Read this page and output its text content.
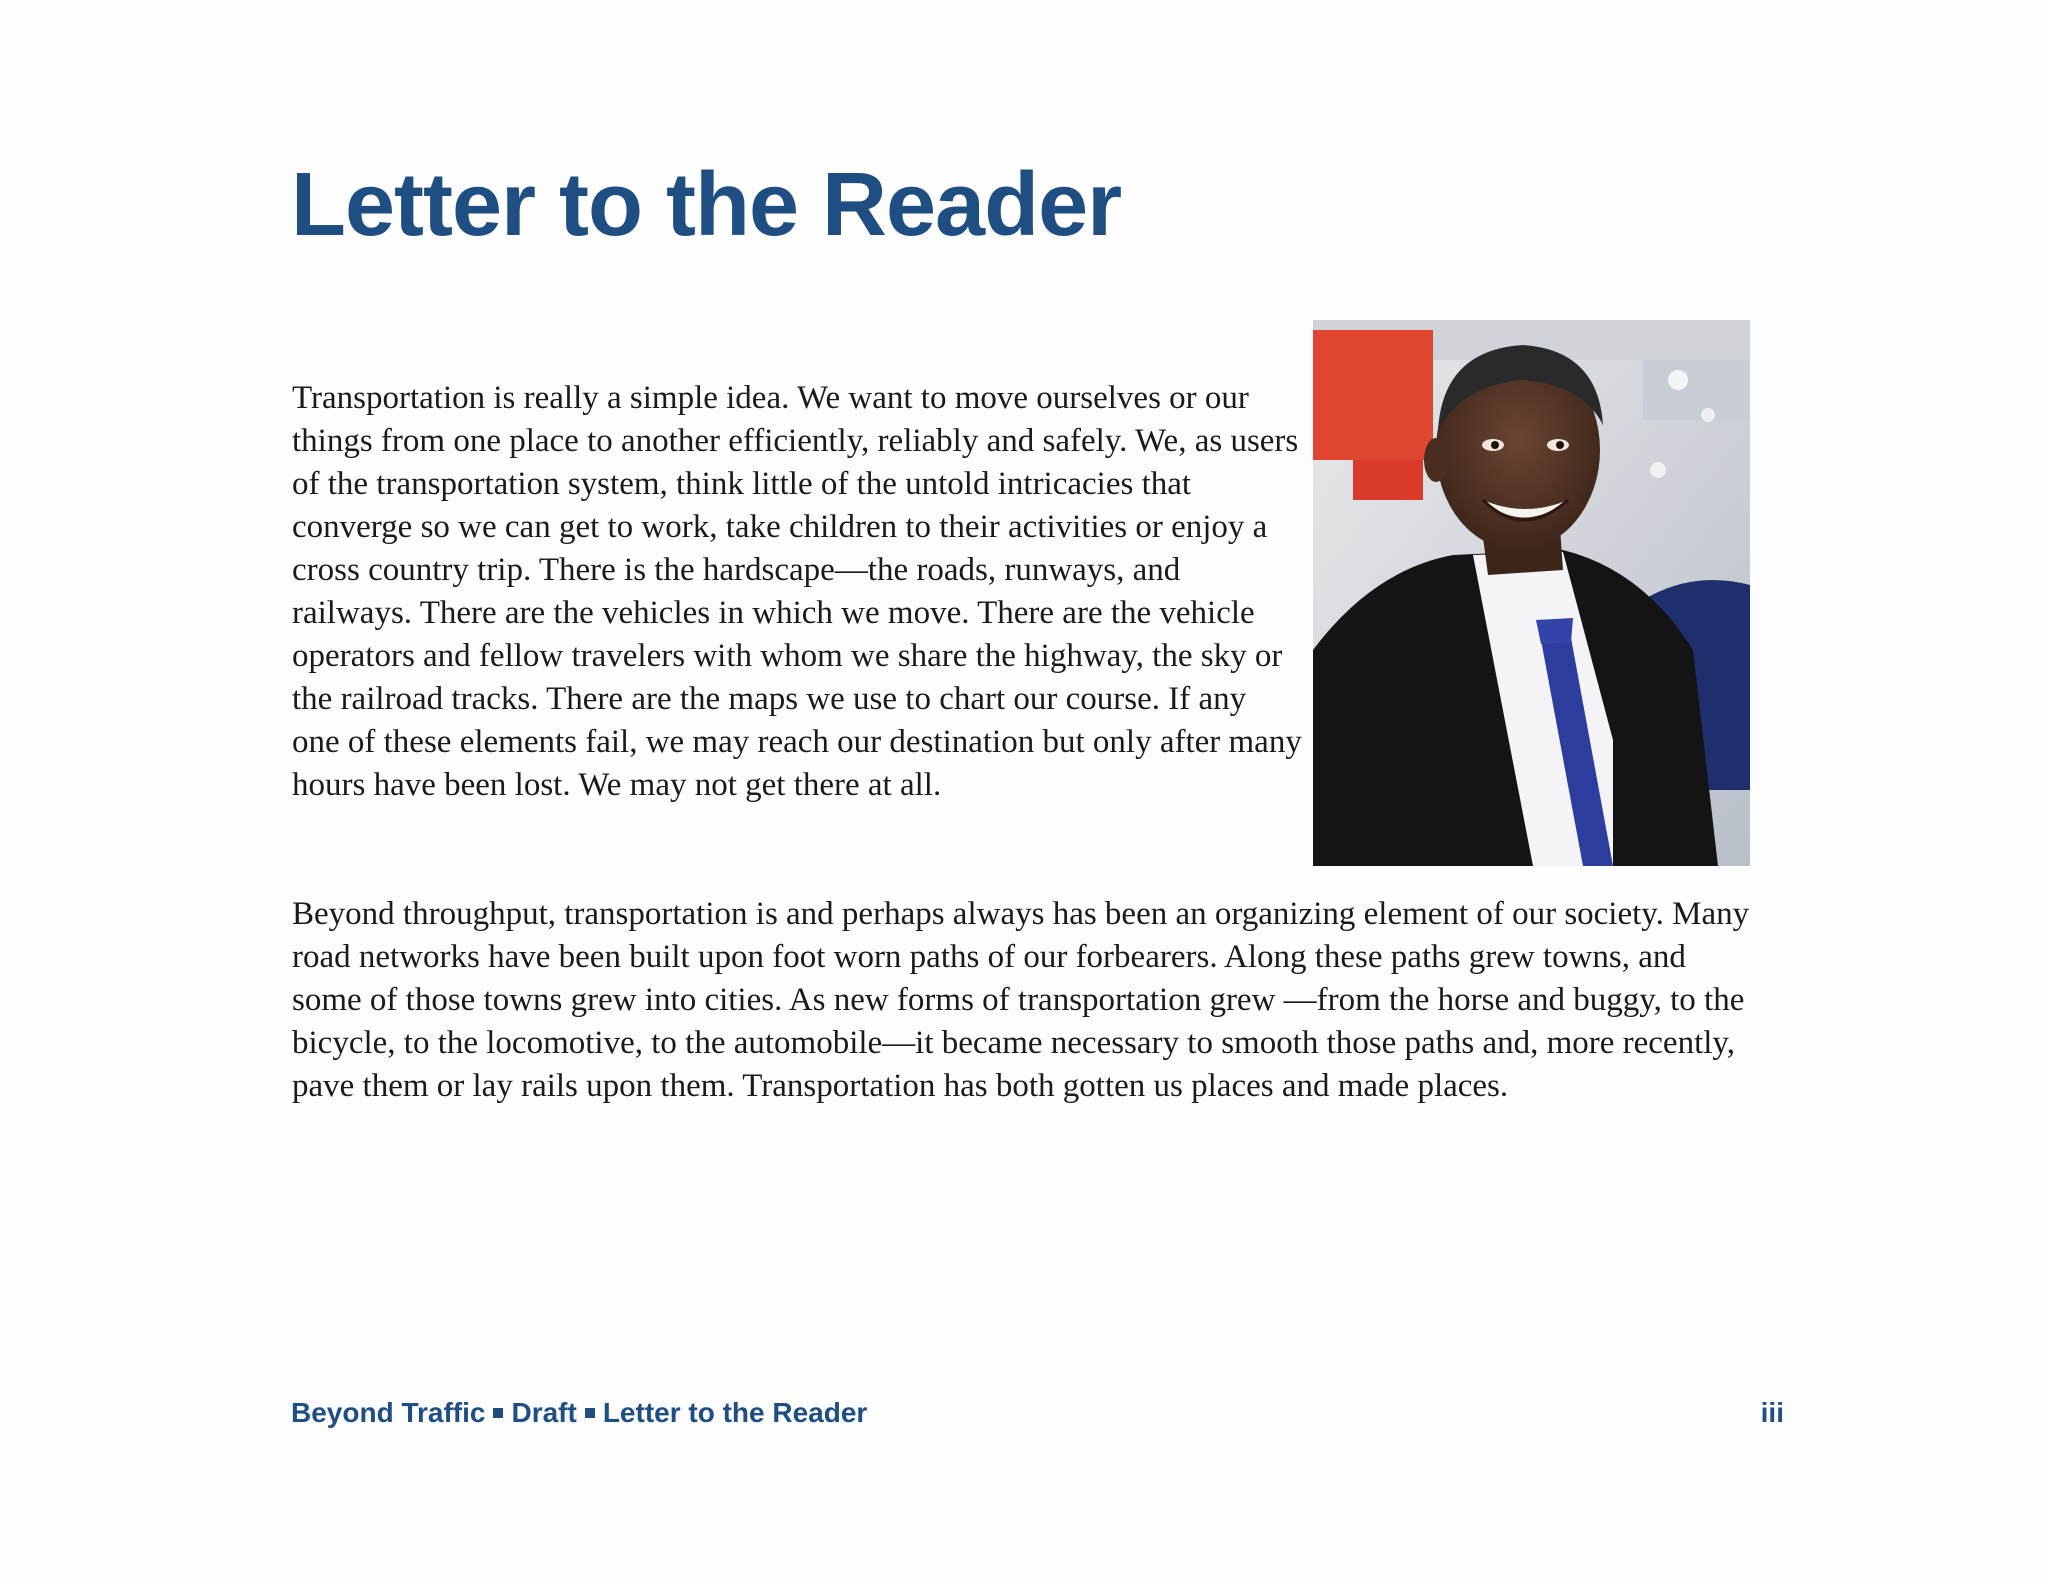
Letter to the Reader

Transportation is really a simple idea. We want to move ourselves or our things from one place to another efficiently, reliably and safely. We, as users of the transportation system, think little of the untold intricacies that converge so we can get to work, take children to their activities or enjoy a cross country trip. There is the hardscape—the roads, runways, and railways. There are the vehicles in which we move. There are the vehicle operators and fellow travelers with whom we share the highway, the sky or the railroad tracks. There are the maps we use to chart our course. If any one of these elements fail, we may reach our destination but only after many hours have been lost. We may not get there at all.

Beyond throughput, transportation is and perhaps always has been an organizing element of our society. Many road networks have been built upon foot worn paths of our forbearers. Along these paths grew towns, and some of those towns grew into cities. As new forms of transportation grew —from the horse and buggy, to the bicycle, to the locomotive, to the automobile—it became necessary to smooth those paths and, more recently, pave them or lay rails upon them. Transportation has both gotten us places and made places.

Beyond Traffic Draft Letter to the Reader	iii
